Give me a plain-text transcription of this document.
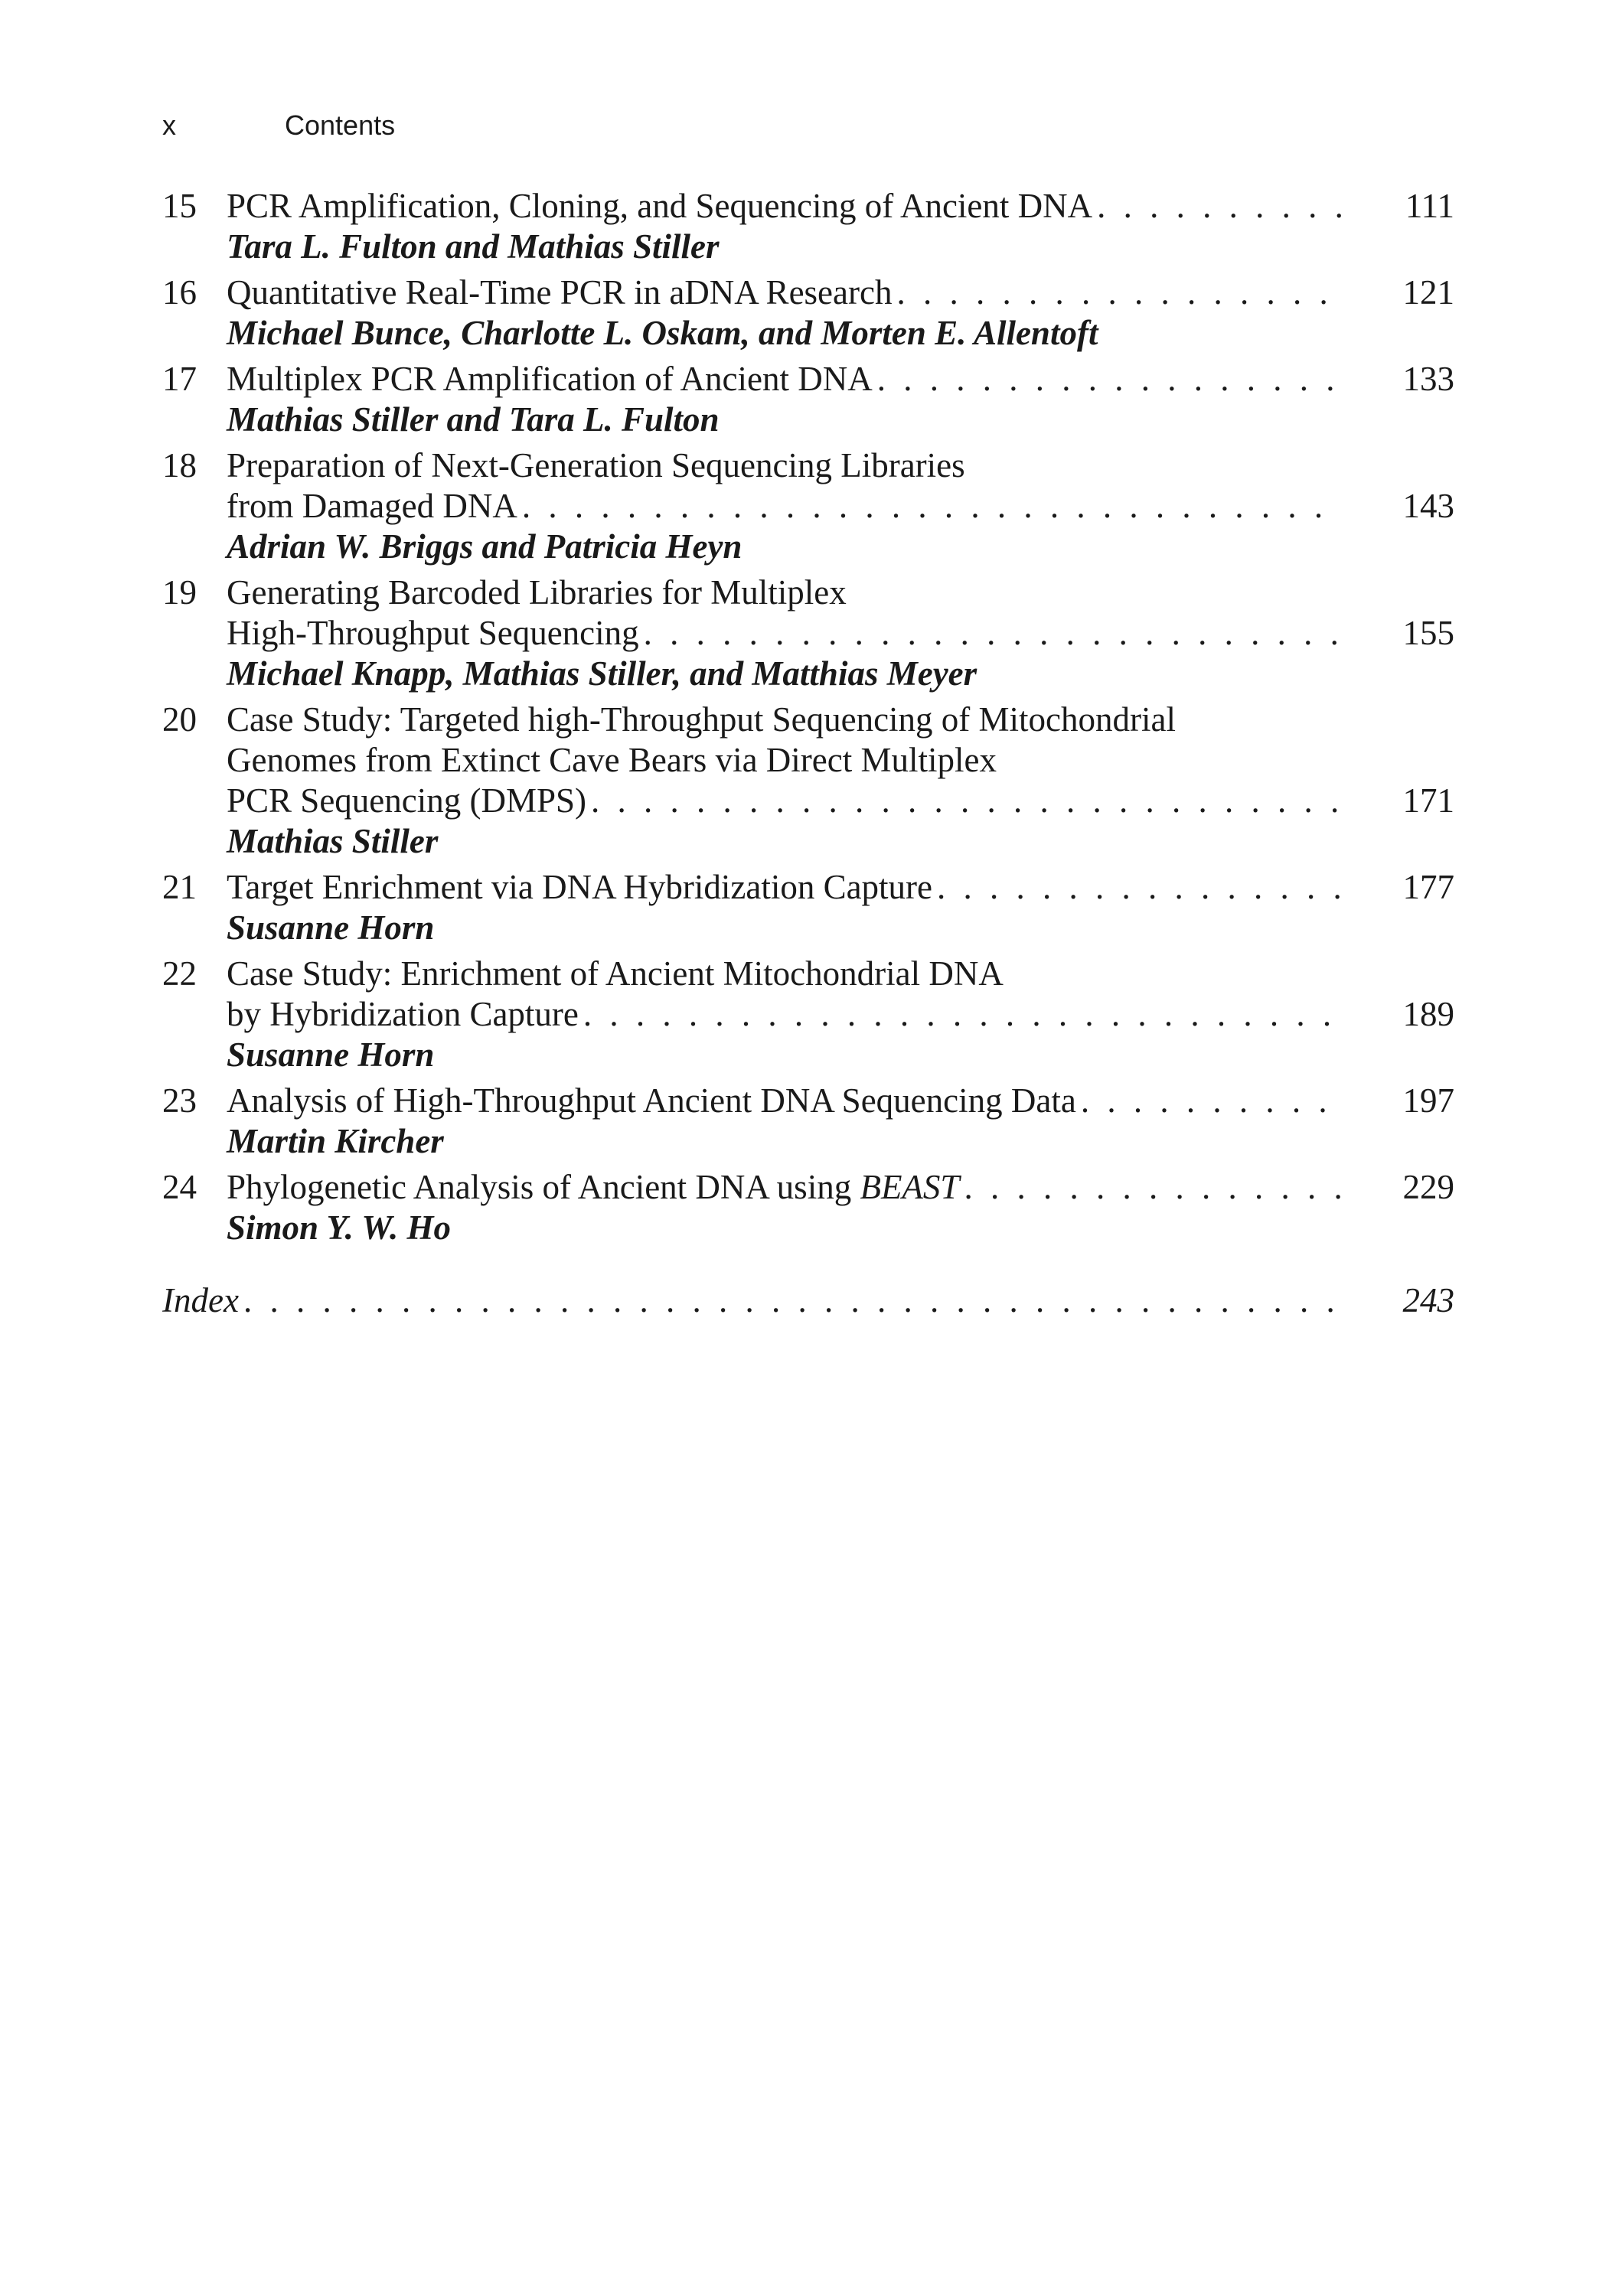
x	Contents
15 PCR Amplification, Cloning, and Sequencing of Ancient DNA
. . .
Tara L. Fulton and Mathias Stiller
111
16 Quantitative Real-Time PCR in aDNA Research
. . .
Michael Bunce, Charlotte L. Oskam, and Morten E. Allentoft
121
17 Multiplex PCR Amplification of Ancient DNA
. . .
Mathias Stiller and Tara L. Fulton
133
18 Preparation of Next-Generation Sequencing Libraries
from Damaged DNA
. . .
Adrian W. Briggs and Patricia Heyn
143
19 Generating Barcoded Libraries for Multiplex
High-Throughput Sequencing
. . .
Michael Knapp, Mathias Stiller, and Matthias Meyer
155
20 Case Study: Targeted high-Throughput Sequencing of Mitochondrial
Genomes from Extinct Cave Bears via Direct Multiplex
PCR Sequencing (DMPS)
. . .
Mathias Stiller
171
21 Target Enrichment via DNA Hybridization Capture
. . .
Susanne Horn
177
22 Case Study: Enrichment of Ancient Mitochondrial DNA
by Hybridization Capture
. . .
Susanne Horn
189
23 Analysis of High-Throughput Ancient DNA Sequencing Data
. . .
Martin Kircher
197
24 Phylogenetic Analysis of Ancient DNA using BEAST
. . .
Simon Y. W. Ho
229
Index
. . .	243
